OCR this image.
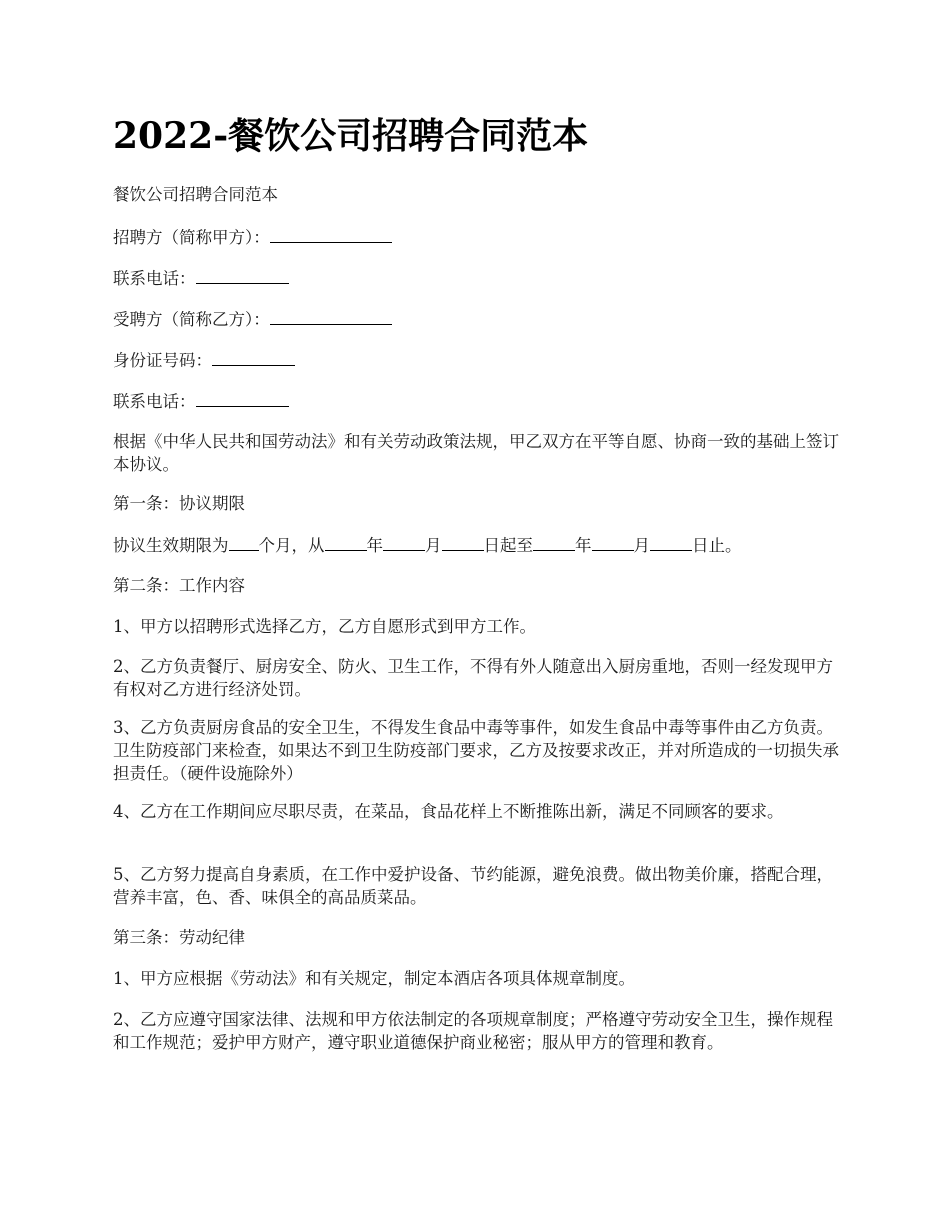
2022-餐饮公司招聘合同范本

餐饮公司招聘合同范本

招聘方（简称甲方）：

联系电话：

受聘方（简称乙方）：

身份证号码：

联系电话：

根据《中华人民共和国劳动法》和有关劳动政策法规，甲乙双方在平等自愿、协商一致的基础上签订本协议。

第一条：协议期限

协议生效期限为 个月，从	年	月	日起至	年	月	日止。

第二条：工作内容

1、甲方以招聘形式选择乙方，乙方自愿形式到甲方工作。

2、乙方负责餐厅、厨房安全、防火、卫生工作，不得有外人随意出入厨房重地，否则一经发现甲方有权对乙方进行经济处罚。

3、乙方负责厨房食品的安全卫生，不得发生食品中毒等事件，如发生食品中毒等事件由乙方负责。卫生防疫部门来检查，如果达不到卫生防疫部门要求，乙方及按要求改正，并对所造成的一切损失承担责任。（硬件设施除外）

4、乙方在工作期间应尽职尽责，在菜品，食品花样上不断推陈出新，满足不同顾客的要求。

5、乙方努力提高自身素质，在工作中爱护设备、节约能源，避免浪费。做出物美价廉，搭配合理，营养丰富，色、香、味俱全的高品质菜品。

第三条：劳动纪律

1、甲方应根据《劳动法》和有关规定，制定本酒店各项具体规章制度。

2、乙方应遵守国家法律、法规和甲方依法制定的各项规章制度；严格遵守劳动安全卫生，操作规程和工作规范；爱护甲方财产，遵守职业道德保护商业秘密；服从甲方的管理和教育。
